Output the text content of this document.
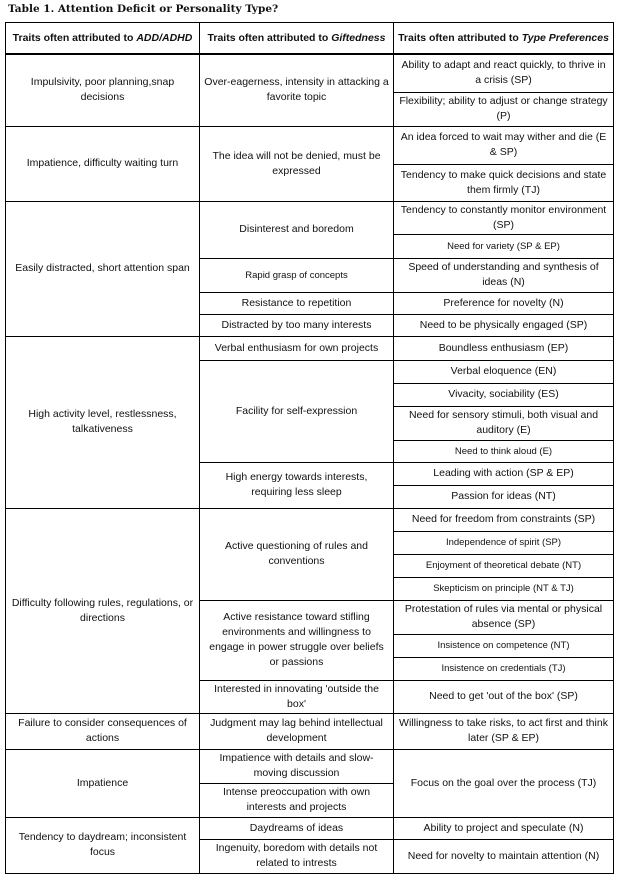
Table 1. Attention Deficit or Personality Type?
Traits often attributed to ADD/ADHD	Traits often attributed to Giftedness	Traits often attributed to Type Preferences
Impulsivity, poor planning,snap decisions	Over-eagerness, intensity in attacking a favorite topic	Ability to adapt and react quickly, to thrive in a crisis (SP)
		Flexibility; ability to adjust or change strategy (P)
Impatience, difficulty waiting turn	The idea will not be denied, must be expressed	An idea forced to wait may wither and die (E & SP)
		Tendency to make quick decisions and state them firmly (TJ)
Easily distracted, short attention span	Disinterest and boredom	Tendency to constantly monitor environment (SP)
		Need for variety (SP & EP)
	Rapid grasp of concepts	Speed of understanding and synthesis of ideas (N)
	Resistance to repetition	Preference for novelty (N)
	Distracted by too many interests	Need to be physically engaged (SP)
High activity level, restlessness, talkativeness	Verbal enthusiasm for own projects	Boundless enthusiasm (EP)
	Facility for self-expression	Verbal eloquence (EN)
		Vivacity, sociability (ES)
		Need for sensory stimuli, both visual and auditory (E)
		Need to think aloud (E)
	High energy towards interests, requiring less sleep	Leading with action (SP & EP)
		Passion for ideas (NT)
Difficulty following rules, regulations, or directions	Active questioning of rules and conventions	Need for freedom from constraints (SP)
		Independence of spirit (SP)
		Enjoyment of theoretical debate (NT)
		Skepticism on principle (NT & TJ)
	Active resistance toward stifling environments and willingness to engage in power struggle over beliefs or passions	Protestation of rules via mental or physical absence (SP)
		Insistence on competence (NT)
		Insistence on credentials (TJ)
	Interested in innovating 'outside the box'	Need to get 'out of the box' (SP)
Failure to consider consequences of actions	Judgment may lag behind intellectual development	Willingness to take risks, to act first and think later (SP & EP)
Impatience	Impatience with details and slow-moving discussion	Focus on the goal over the process (TJ)
	Intense preoccupation with own interests and projects	
Tendency to daydream; inconsistent focus	Daydreams of ideas	Ability to project and speculate (N)
	Ingenuity, boredom with details not related to intrests	Need for novelty to maintain attention (N)
